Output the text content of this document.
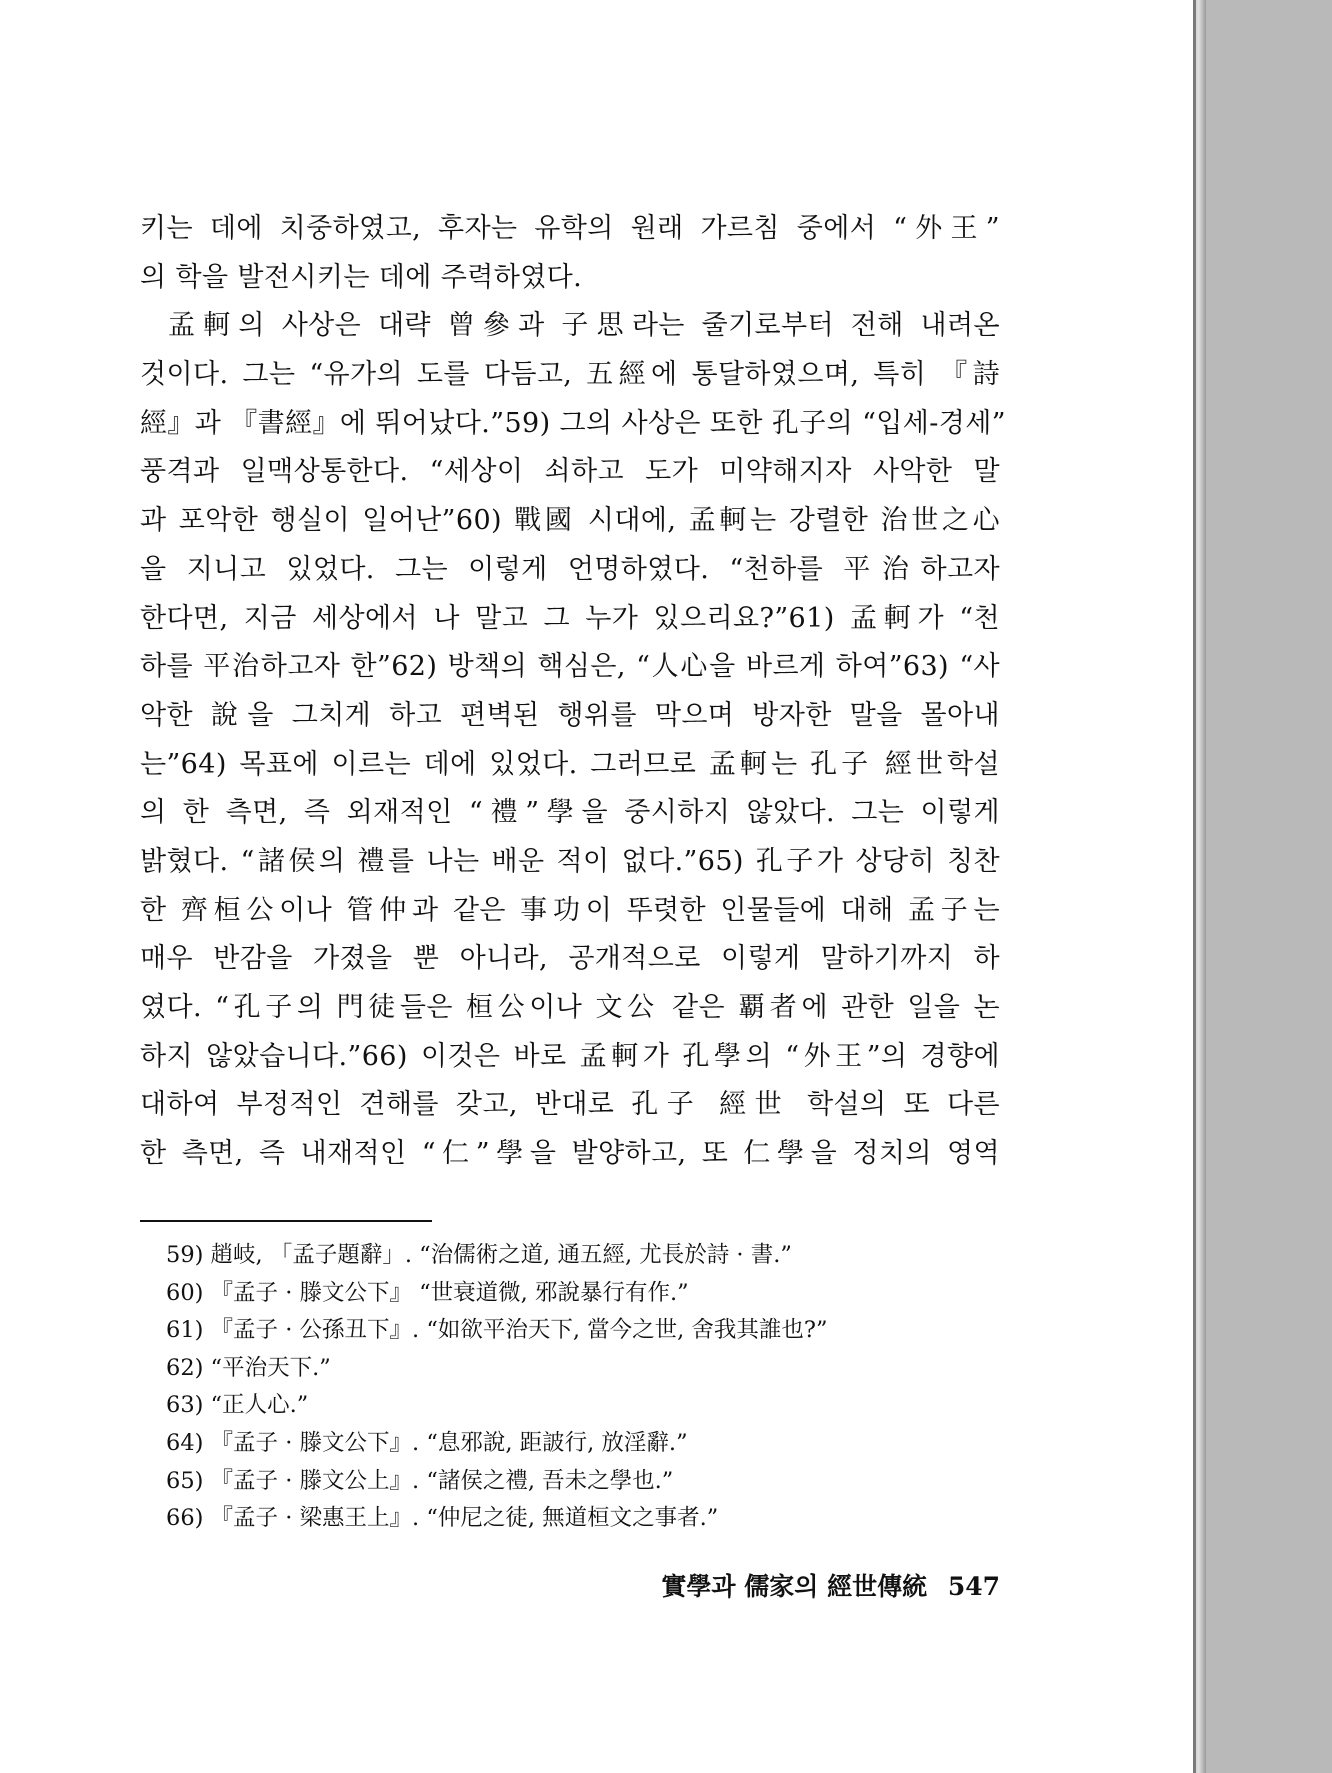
키는 데에 치중하였고, 후자는 유학의 원래 가르침 중에서 “外王”
의 학을 발전시키는 데에 주력하였다.
孟軻의 사상은 대략 曾參과 子思라는 줄기로부터 전해 내려온
것이다. 그는 “유가의 도를 다듬고, 五經에 통달하였으며, 특히 『詩
經』과 『書經』에 뛰어났다.”59) 그의 사상은 또한 孔子의 “입세-경세”
풍격과 일맥상통한다. “세상이 쇠하고 도가 미약해지자 사악한 말
과 포악한 행실이 일어난”60) 戰國 시대에, 孟軻는 강렬한 治世之心
을 지니고 있었다. 그는 이렇게 언명하였다. “천하를 平治하고자
한다면, 지금 세상에서 나 말고 그 누가 있으리요?”61) 孟軻가 “천
하를 平治하고자 한”62) 방책의 핵심은, “人心을 바르게 하여”63) “사
악한 說을 그치게 하고 편벽된 행위를 막으며 방자한 말을 몰아내
는”64) 목표에 이르는 데에 있었다. 그러므로 孟軻는 孔子 經世학설
의 한 측면, 즉 외재적인 “禮”學을 중시하지 않았다. 그는 이렇게
밝혔다. “諸侯의 禮를 나는 배운 적이 없다.”65) 孔子가 상당히 칭찬
한 齊桓公이나 管仲과 같은 事功이 뚜렷한 인물들에 대해 孟子는
매우 반감을 가졌을 뿐 아니라, 공개적으로 이렇게 말하기까지 하
였다. “孔子의 門徒들은 桓公이나 文公 같은 覇者에 관한 일을 논
하지 않았습니다.”66) 이것은 바로 孟軻가 孔學의 “外王”의 경향에
대하여 부정적인 견해를 갖고, 반대로 孔子 經世 학설의 또 다른
한 측면, 즉 내재적인 “仁”學을 발양하고, 또 仁學을 정치의 영역
59) 趙岐, 「孟子題辭」. “治儒術之道, 通五經, 尤長於詩 · 書.”
60) 『孟子 · 滕文公下』 “世衰道微, 邪說暴行有作.”
61) 『孟子 · 公孫丑下』. “如欲平治天下, 當今之世, 舍我其誰也?”
62) “平治天下.”
63) “正人心.”
64) 『孟子 · 滕文公下』. “息邪說, 距詖行, 放淫辭.”
65) 『孟子 · 滕文公上』. “諸侯之禮, 吾未之學也.”
66) 『孟子 · 梁惠王上』. “仲尼之徒, 無道桓文之事者.”
實學과 儒家의 經世傳統 547
